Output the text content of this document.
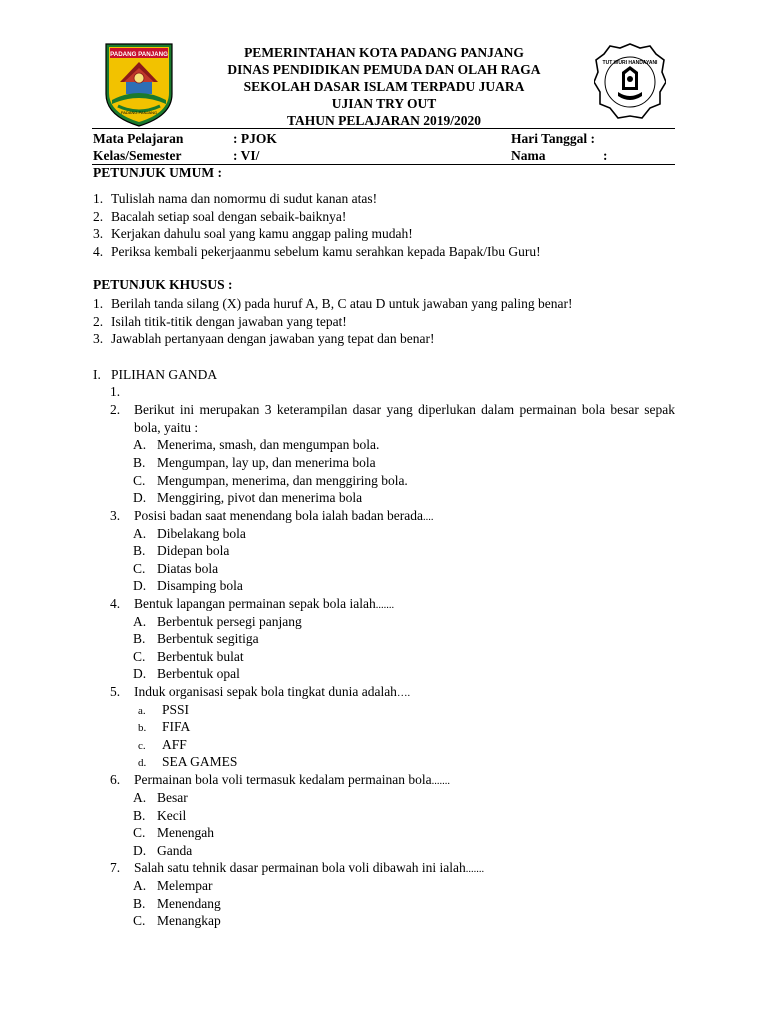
PADANG PANJANG
PADANG PANJANG
TUT WURI HANDAYANI
PEMERINTAHAN KOTA PADANG PANJANG
DINAS PENDIDIKAN PEMUDA DAN OLAH RAGA
SEKOLAH DASAR ISLAM TERPADU JUARA
UJIAN TRY OUT
TAHUN PELAJARAN 2019/2020
Mata Pelajaran	: PJOK	Hari Tanggal :
Kelas/Semester	: VI/	Nama	:
PETUNJUK UMUM :
1. Tulislah nama dan nomormu di sudut kanan atas!
2. Bacalah setiap soal dengan sebaik-baiknya!
3. Kerjakan dahulu soal yang kamu anggap paling mudah!
4. Periksa kembali pekerjaanmu sebelum kamu serahkan kepada Bapak/Ibu Guru!
PETUNJUK KHUSUS :
1. Berilah tanda silang (X) pada huruf A, B, C atau D untuk jawaban yang paling benar!
2. Isilah titik-titik dengan jawaban yang tepat!
3. Jawablah pertanyaan dengan jawaban yang tepat dan benar!
I. PILIHAN GANDA
1.
2. Berikut ini merupakan 3 keterampilan dasar yang diperlukan dalam permainan bola besar sepak bola, yaitu :
A. Menerima, smash, dan mengumpan bola.
B. Mengumpan, lay up, dan menerima bola
C. Mengumpan, menerima, dan menggiring bola.
D. Menggiring, pivot dan menerima bola
3. Posisi badan saat menendang bola ialah badan berada....
A. Dibelakang bola
B. Didepan bola
C. Diatas bola
D. Disamping bola
4. Bentuk lapangan permainan sepak bola ialah.......
A. Berbentuk persegi panjang
B. Berbentuk segitiga
C. Berbentuk bulat
D. Berbentuk opal
5. Induk organisasi sepak bola tingkat dunia adalah….
a. PSSI
b. FIFA
c. AFF
d. SEA GAMES
6. Permainan bola voli termasuk kedalam permainan bola.......
A. Besar
B. Kecil
C. Menengah
D. Ganda
7. Salah satu tehnik dasar permainan bola voli dibawah ini ialah.......
A. Melempar
B. Menendang
C. Menangkap
